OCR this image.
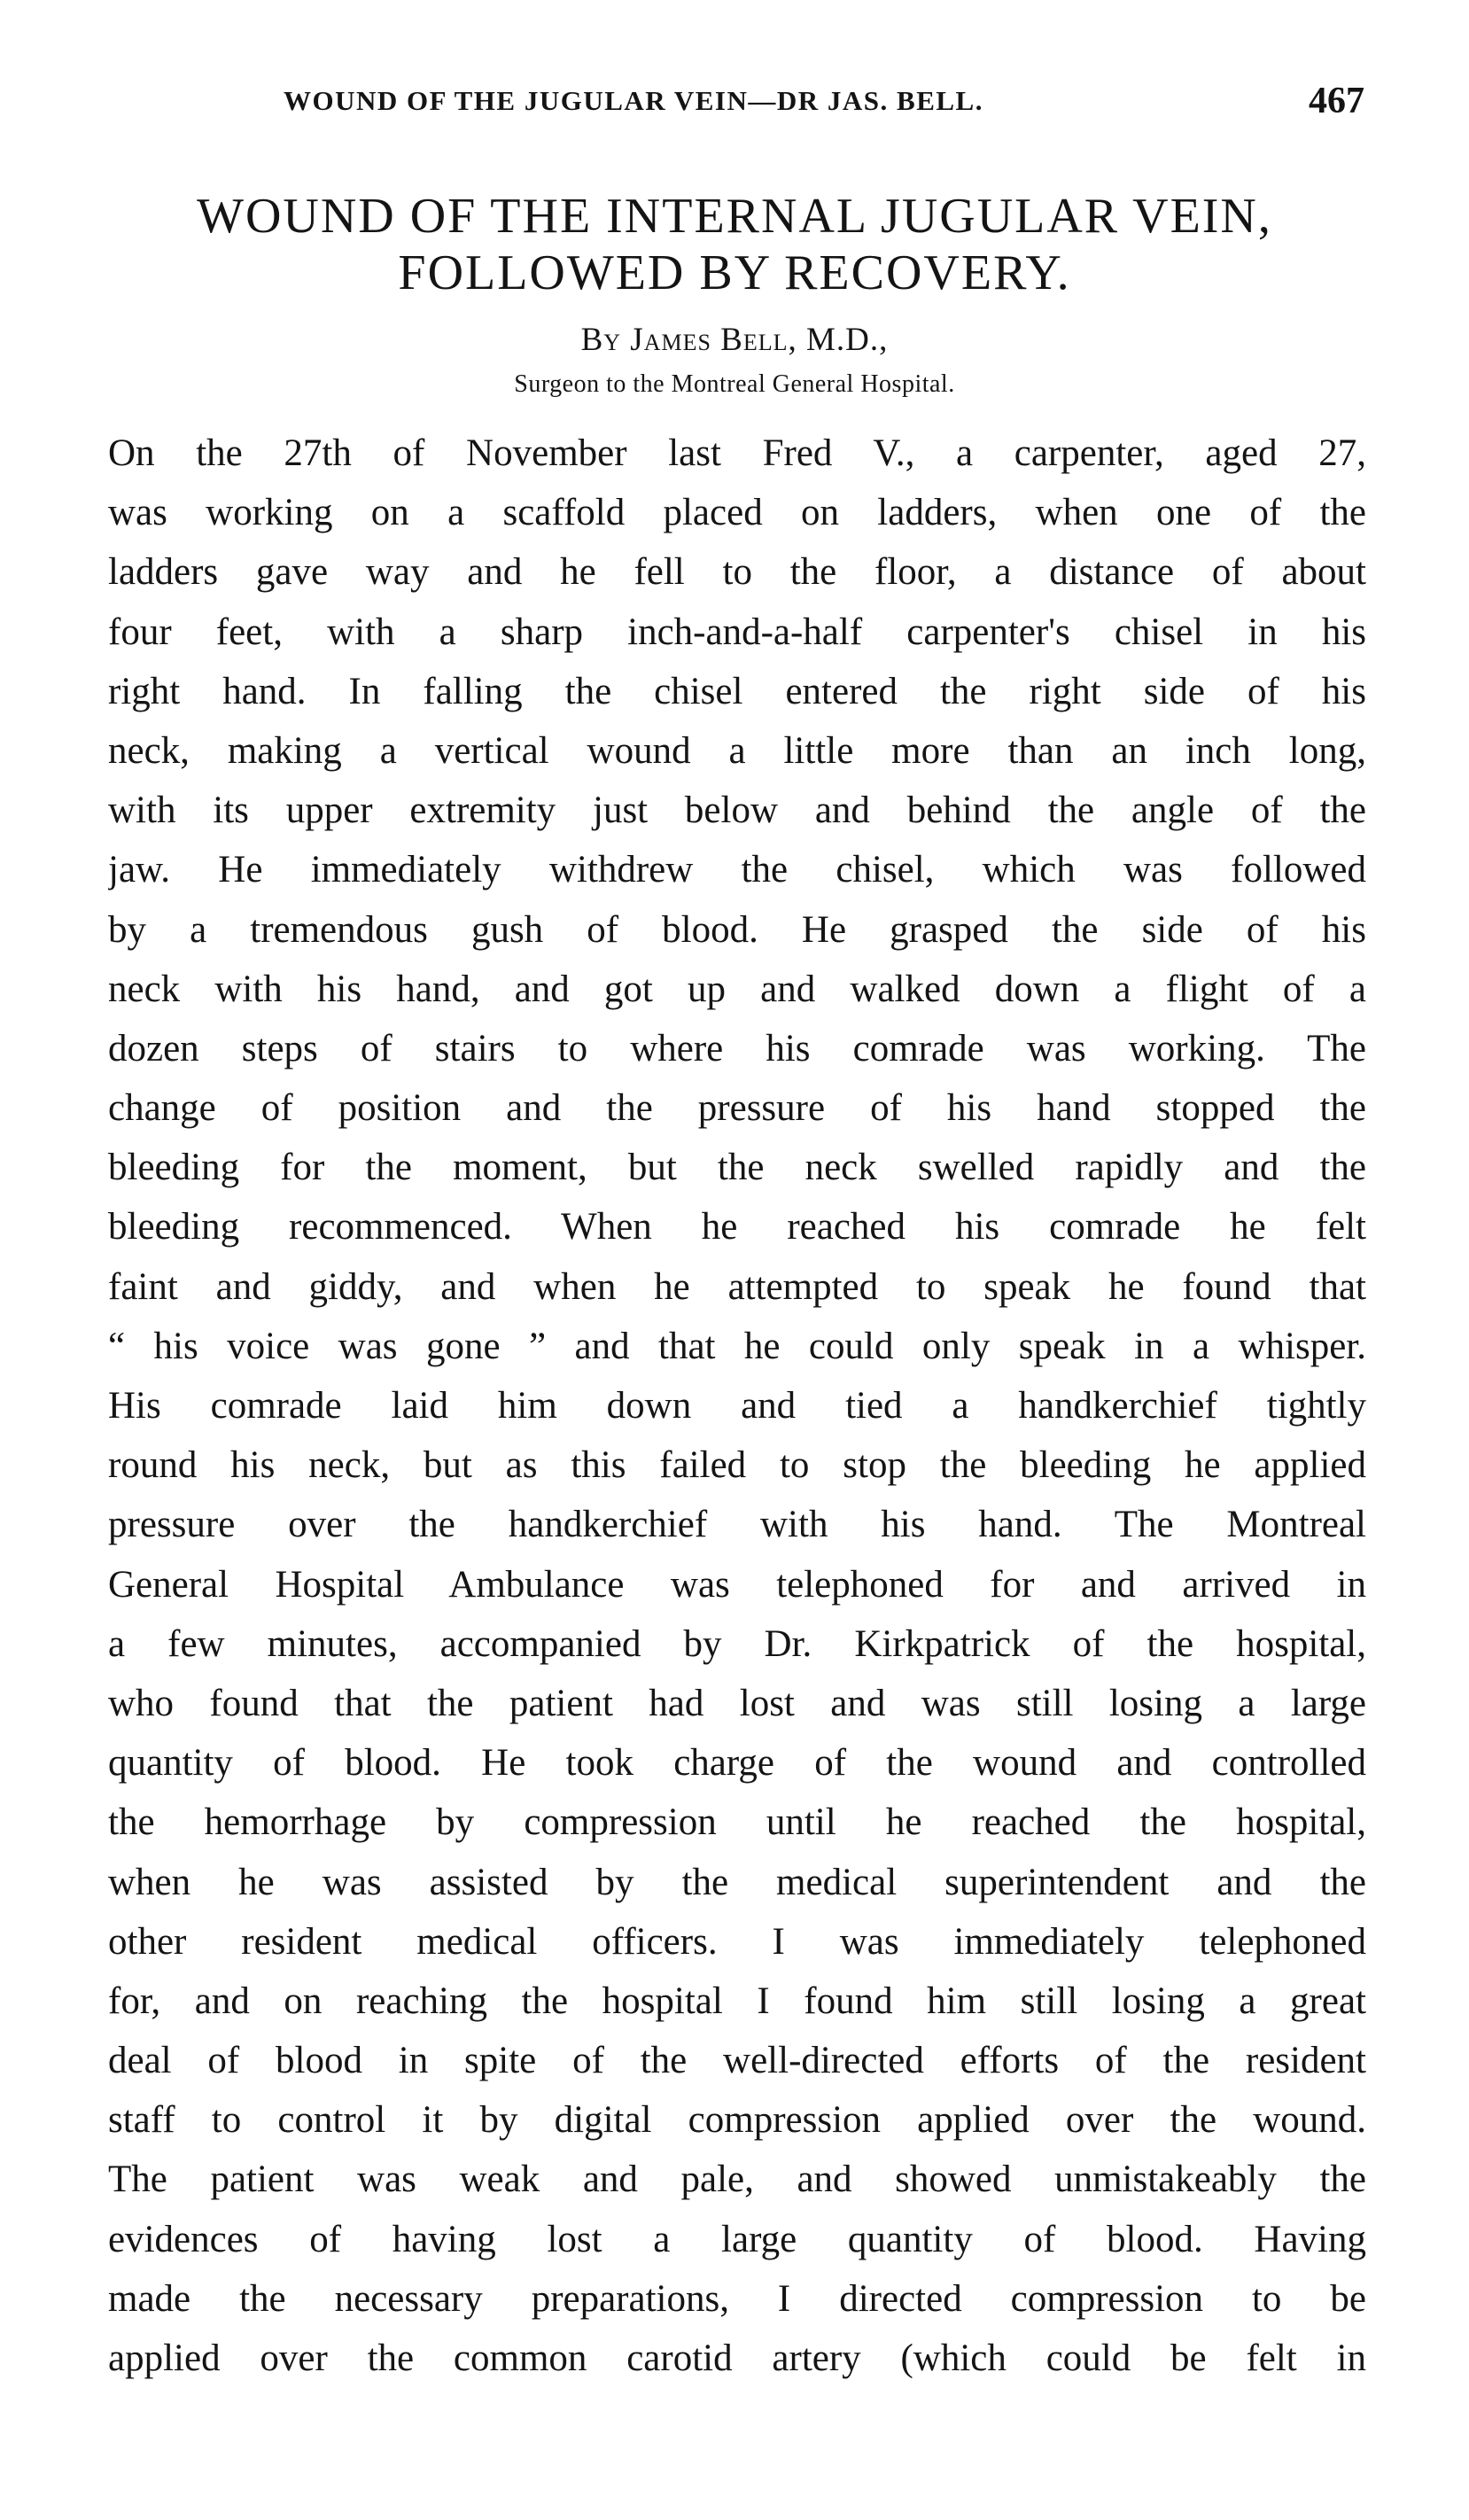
WOUND OF THE JUGULAR VEIN—DR JAS. BELL.	467
WOUND OF THE INTERNAL JUGULAR VEIN,
FOLLOWED BY RECOVERY.
By James Bell, M.D.,
Surgeon to the Montreal General Hospital.
On the 27th of November last Fred V., a carpenter, aged 27,
was working on a scaffold placed on ladders, when one of the
ladders gave way and he fell to the floor, a distance of about
four feet, with a sharp inch-and-a-half carpenter's chisel in his
right hand. In falling the chisel entered the right side of his
neck, making a vertical wound a little more than an inch long,
with its upper extremity just below and behind the angle of the
jaw. He immediately withdrew the chisel, which was followed
by a tremendous gush of blood. He grasped the side of his
neck with his hand, and got up and walked down a flight of a
dozen steps of stairs to where his comrade was working. The
change of position and the pressure of his hand stopped the
bleeding for the moment, but the neck swelled rapidly and the
bleeding recommenced. When he reached his comrade he felt
faint and giddy, and when he attempted to speak he found that
“ his voice was gone ” and that he could only speak in a whisper.
His comrade laid him down and tied a handkerchief tightly
round his neck, but as this failed to stop the bleeding he applied
pressure over the handkerchief with his hand. The Montreal
General Hospital Ambulance was telephoned for and arrived in
a few minutes, accompanied by Dr. Kirkpatrick of the hospital,
who found that the patient had lost and was still losing a large
quantity of blood. He took charge of the wound and controlled
the hemorrhage by compression until he reached the hospital,
when he was assisted by the medical superintendent and the
other resident medical officers. I was immediately telephoned
for, and on reaching the hospital I found him still losing a great
deal of blood in spite of the well-directed efforts of the resident
staff to control it by digital compression applied over the wound.
The patient was weak and pale, and showed unmistakeably the
evidences of having lost a large quantity of blood. Having
made the necessary preparations, I directed compression to be
applied over the common carotid artery (which could be felt in
